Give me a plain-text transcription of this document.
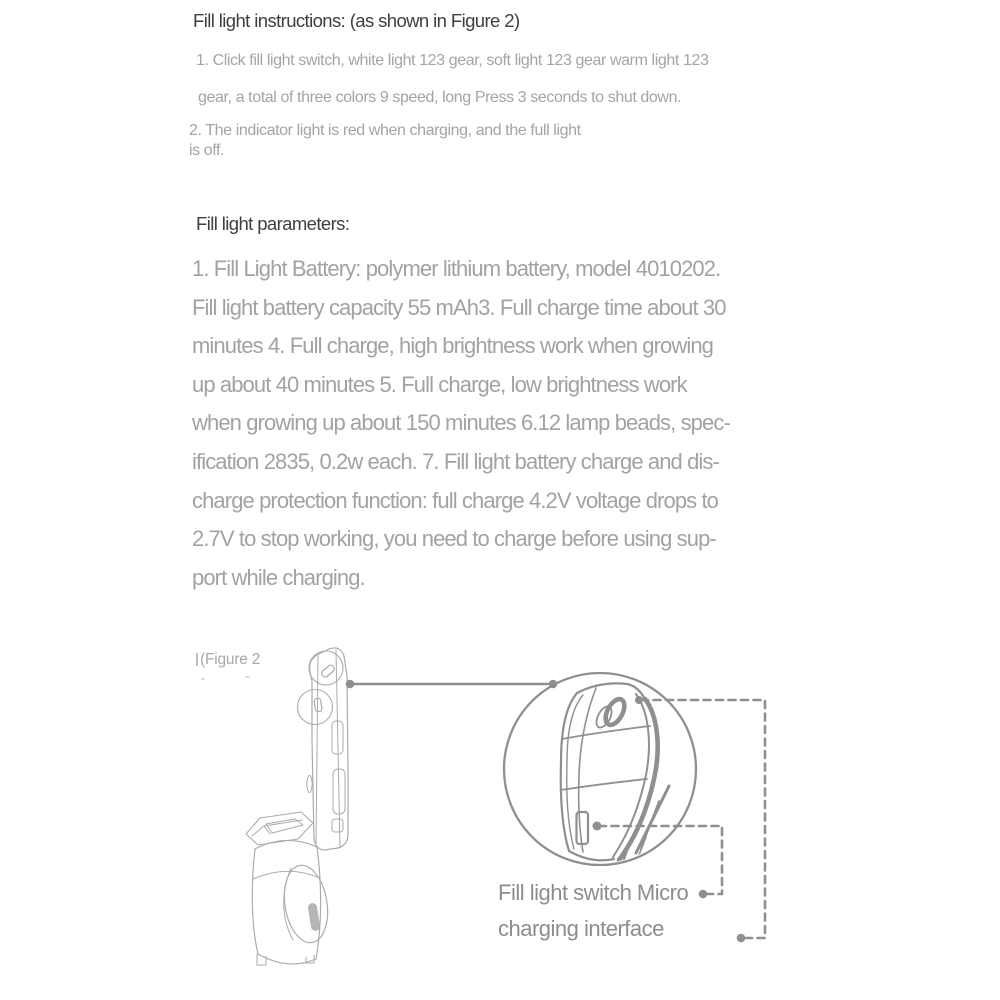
Fill light instructions: (as shown in Figure 2)
1. Click fill light switch, white light 123 gear, soft light 123 gear warm light 123
gear, a total of three colors 9 speed, long Press 3 seconds to shut down.
2. The indicator light is red when charging, and the full light
is off.
Fill light parameters:
1. Fill Light Battery: polymer lithium battery, model 4010202.
Fill light battery capacity 55 mAh3. Full charge time about 30
minutes 4. Full charge, high brightness work when growing
up about 40 minutes 5. Full charge, low brightness work
when growing up about 150 minutes 6.12 lamp beads, spec-
ification 2835, 0.2w each. 7. Fill light battery charge and dis-
charge protection function: full charge 4.2V voltage drops to
2.7V to stop working, you need to charge before using sup-
port while charging.
(Figure 2
Fill light switch Micro
charging interface
